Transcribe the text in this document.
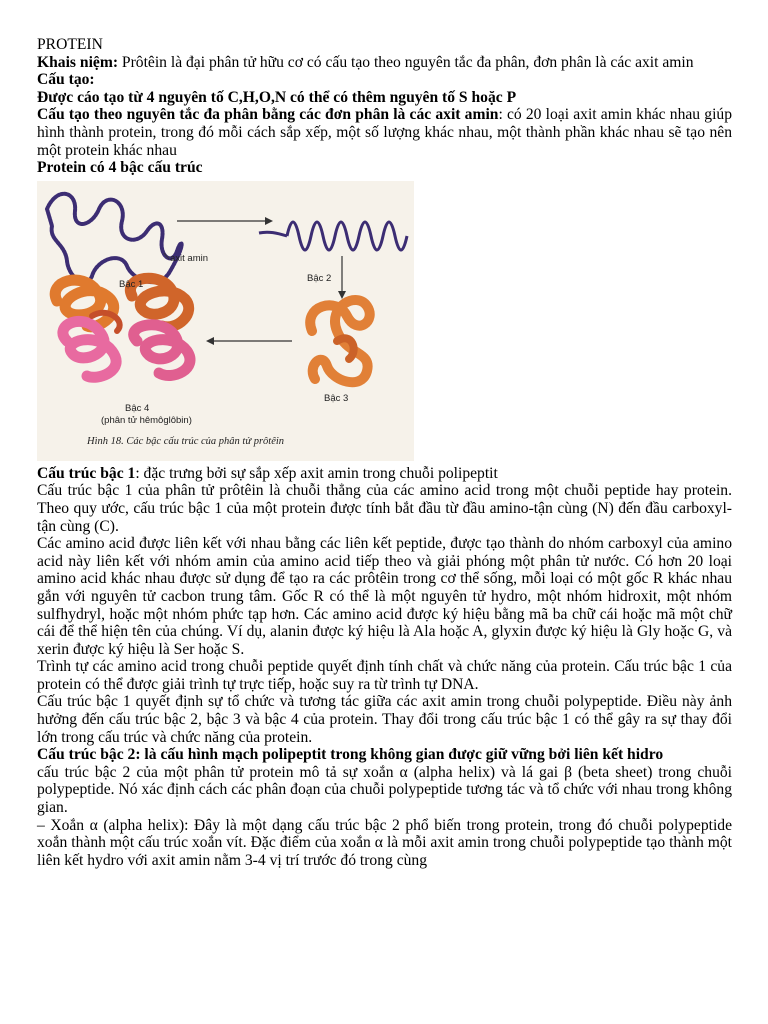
PROTEIN

Khais niệm: Prôtêin là đại phân tử hữu cơ có cấu tạo theo nguyên tắc đa phân, đơn phân là các axit amin

Cấu tạo:

Được cáo tạo từ 4 nguyên tố C,H,O,N có thể có thêm nguyên tố S hoặc P

Cấu tạo theo nguyên tắc đa phân bằng các đơn phân là các axit amin: có 20 loại axit amin khác nhau giúp hình thành protein, trong đó mỗi cách sắp xếp, một số lượng khác nhau, một thành phần khác nhau sẽ tạo nên một protein khác nhau

Protein có 4 bậc cấu trúc

axit amin
Bậc 1
Bậc 2
Bậc 3
Bậc 4
(phân tử hêmôglôbin)
Hình 18. Các bậc cấu trúc của phân tử prôtêin

Cấu trúc bậc 1: đặc trưng bởi sự sắp xếp axit amin trong chuỗi polipeptit

Cấu trúc bậc 1 của phân tử prôtêin là chuỗi thẳng của các amino acid trong một chuỗi peptide hay protein. Theo quy ước, cấu trúc bậc 1 của một protein được tính bắt đầu từ đầu amino-tận cùng (N) đến đầu carboxyl-tận cùng (C).

Các amino acid được liên kết với nhau bằng các liên kết peptide, được tạo thành do nhóm carboxyl của amino acid này liên kết với nhóm amin của amino acid tiếp theo và giải phóng một phân tử nước. Có hơn 20 loại amino acid khác nhau được sử dụng để tạo ra các prôtêin trong cơ thể sống, mỗi loại có một gốc R khác nhau gắn với nguyên tử cacbon trung tâm. Gốc R có thể là một nguyên tử hydro, một nhóm hidroxit, một nhóm sulfhydryl, hoặc một nhóm phức tạp hơn. Các amino acid được ký hiệu bằng mã ba chữ cái hoặc mã một chữ cái để thể hiện tên của chúng. Ví dụ, alanin được ký hiệu là Ala hoặc A, glyxin được ký hiệu là Gly hoặc G, và xerin được ký hiệu là Ser hoặc S.

Trình tự các amino acid trong chuỗi peptide quyết định tính chất và chức năng của protein. Cấu trúc bậc 1 của protein có thể được giải trình tự trực tiếp, hoặc suy ra từ trình tự DNA.

Cấu trúc bậc 1 quyết định sự tổ chức và tương tác giữa các axit amin trong chuỗi polypeptide. Điều này ảnh hưởng đến cấu trúc bậc 2, bậc 3 và bậc 4 của protein. Thay đổi trong cấu trúc bậc 1 có thể gây ra sự thay đổi lớn trong cấu trúc và chức năng của protein.

Cấu trúc bậc 2: là cấu hình mạch polipeptit trong không gian được giữ vững bởi liên kết hidro

cấu trúc bậc 2 của một phân tử protein mô tả sự xoắn α (alpha helix) và lá gai β (beta sheet) trong chuỗi polypeptide. Nó xác định cách các phân đoạn của chuỗi polypeptide tương tác và tổ chức với nhau trong không gian.

– Xoắn α (alpha helix): Đây là một dạng cấu trúc bậc 2 phổ biến trong protein, trong đó chuỗi polypeptide xoắn thành một cấu trúc xoắn vít. Đặc điểm của xoắn α là mỗi axit amin trong chuỗi polypeptide tạo thành một liên kết hydro với axit amin nằm 3-4 vị trí trước đó trong cùng
